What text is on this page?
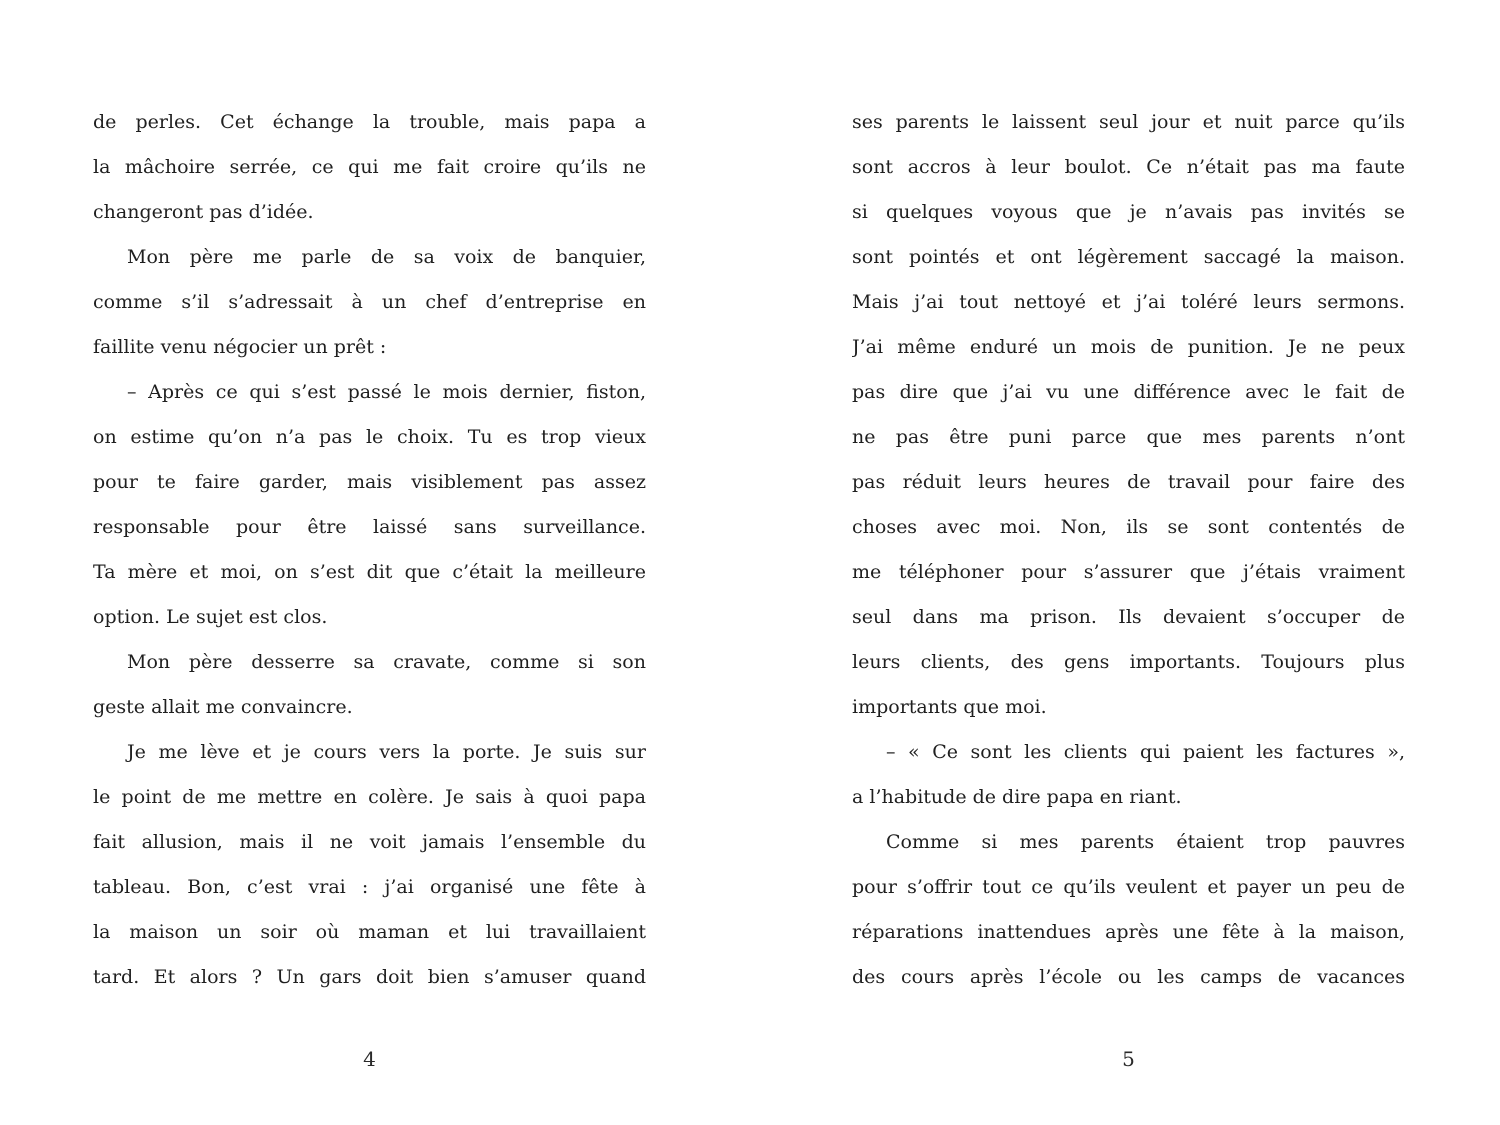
de perles. Cet échange la trouble, mais papa a
la mâchoire serrée, ce qui me fait croire qu’ils ne
changeront pas d’idée.
Mon père me parle de sa voix de banquier,
comme s’il s’adressait à un chef d’entreprise en
faillite venu négocier un prêt :
– Après ce qui s’est passé le mois dernier, fiston,
on estime qu’on n’a pas le choix. Tu es trop vieux
pour te faire garder, mais visiblement pas assez
responsable pour être laissé sans surveillance.
Ta mère et moi, on s’est dit que c’était la meilleure
option. Le sujet est clos.
Mon père desserre sa cravate, comme si son
geste allait me convaincre.
Je me lève et je cours vers la porte. Je suis sur
le point de me mettre en colère. Je sais à quoi papa
fait allusion, mais il ne voit jamais l’ensemble du
tableau. Bon, c’est vrai : j’ai organisé une fête à
la maison un soir où maman et lui travaillaient
tard. Et alors ? Un gars doit bien s’amuser quand
ses parents le laissent seul jour et nuit parce qu’ils
sont accros à leur boulot. Ce n’était pas ma faute
si quelques voyous que je n’avais pas invités se
sont pointés et ont légèrement saccagé la maison.
Mais j’ai tout nettoyé et j’ai toléré leurs sermons.
J’ai même enduré un mois de punition. Je ne peux
pas dire que j’ai vu une différence avec le fait de
ne pas être puni parce que mes parents n’ont
pas réduit leurs heures de travail pour faire des
choses avec moi. Non, ils se sont contentés de
me téléphoner pour s’assurer que j’étais vraiment
seul dans ma prison. Ils devaient s’occuper de
leurs clients, des gens importants. Toujours plus
importants que moi.
– « Ce sont les clients qui paient les factures »,
a l’habitude de dire papa en riant.
Comme si mes parents étaient trop pauvres
pour s’offrir tout ce qu’ils veulent et payer un peu de
réparations inattendues après une fête à la maison,
des cours après l’école ou les camps de vacances
4	5
